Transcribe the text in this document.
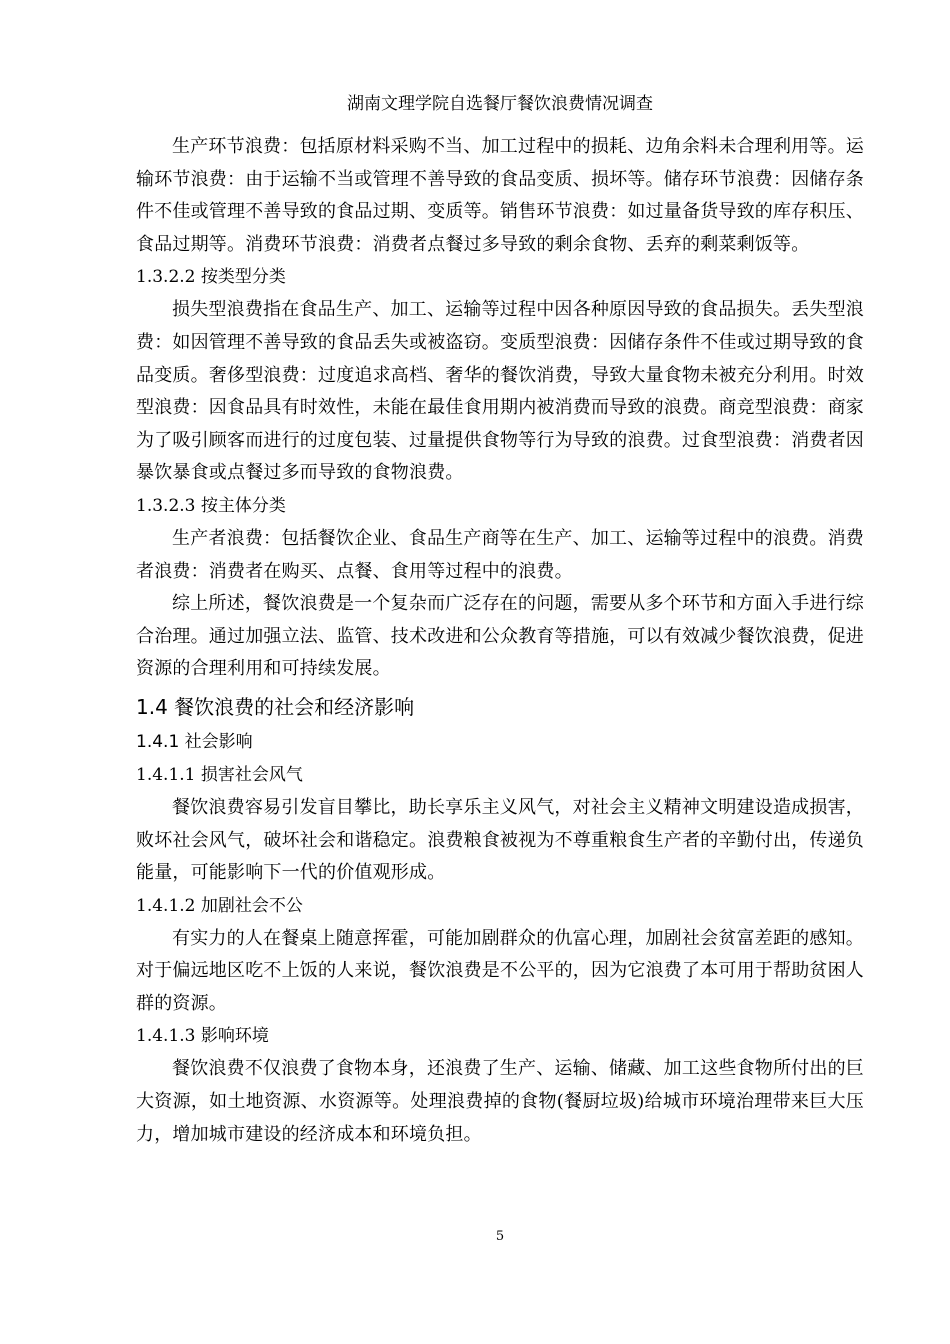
湖南文理学院自选餐厅餐饮浪费情况调查

生产环节浪费：包括原材料采购不当、加工过程中的损耗、边角余料未合理利用等。运输环节浪费：由于运输不当或管理不善导致的食品变质、损坏等。储存环节浪费：因储存条件不佳或管理不善导致的食品过期、变质等。销售环节浪费：如过量备货导致的库存积压、食品过期等。消费环节浪费：消费者点餐过多导致的剩余食物、丢弃的剩菜剩饭等。

1.3.2.2 按类型分类

损失型浪费指在食品生产、加工、运输等过程中因各种原因导致的食品损失。丢失型浪费：如因管理不善导致的食品丢失或被盗窃。变质型浪费：因储存条件不佳或过期导致的食品变质。奢侈型浪费：过度追求高档、奢华的餐饮消费，导致大量食物未被充分利用。时效型浪费：因食品具有时效性，未能在最佳食用期内被消费而导致的浪费。商竞型浪费：商家为了吸引顾客而进行的过度包装、过量提供食物等行为导致的浪费。过食型浪费：消费者因暴饮暴食或点餐过多而导致的食物浪费。

1.3.2.3 按主体分类

生产者浪费：包括餐饮企业、食品生产商等在生产、加工、运输等过程中的浪费。消费者浪费：消费者在购买、点餐、食用等过程中的浪费。

综上所述，餐饮浪费是一个复杂而广泛存在的问题，需要从多个环节和方面入手进行综合治理。通过加强立法、监管、技术改进和公众教育等措施，可以有效减少餐饮浪费，促进资源的合理利用和可持续发展。

1.4 餐饮浪费的社会和经济影响

1.4.1 社会影响

1.4.1.1 损害社会风气

餐饮浪费容易引发盲目攀比，助长享乐主义风气，对社会主义精神文明建设造成损害，败坏社会风气，破坏社会和谐稳定。浪费粮食被视为不尊重粮食生产者的辛勤付出，传递负能量，可能影响下一代的价值观形成。

1.4.1.2 加剧社会不公

有实力的人在餐桌上随意挥霍，可能加剧群众的仇富心理，加剧社会贫富差距的感知。对于偏远地区吃不上饭的人来说，餐饮浪费是不公平的，因为它浪费了本可用于帮助贫困人群的资源。

1.4.1.3 影响环境

餐饮浪费不仅浪费了食物本身，还浪费了生产、运输、储藏、加工这些食物所付出的巨大资源，如土地资源、水资源等。处理浪费掉的食物(餐厨垃圾)给城市环境治理带来巨大压力，增加城市建设的经济成本和环境负担。

5
